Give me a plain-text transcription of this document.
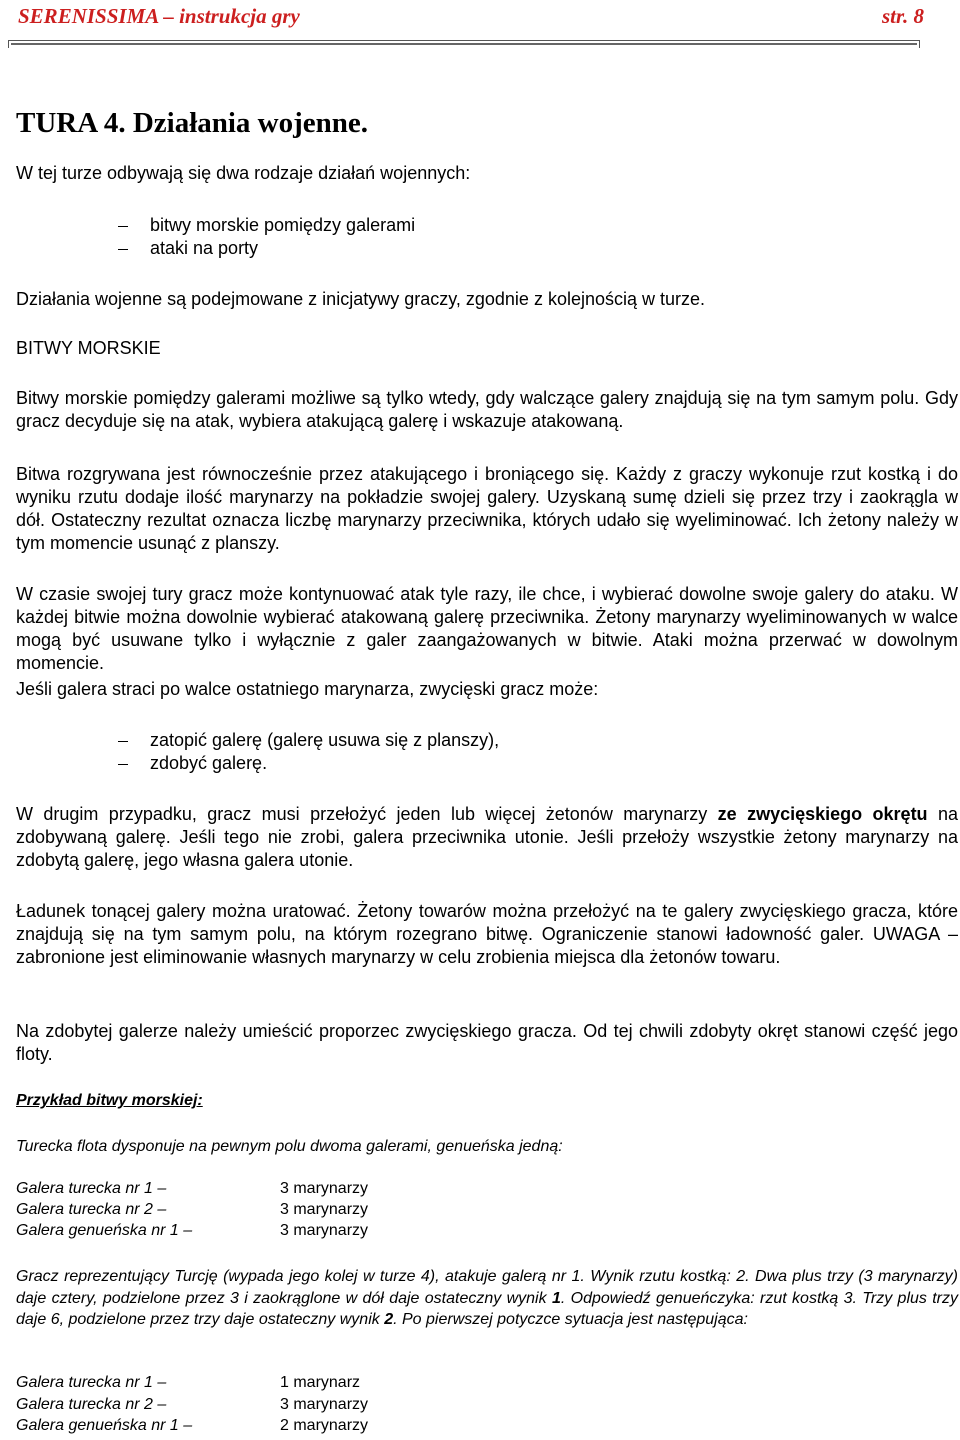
SERENISSIMA – instrukcja gry	str. 8
TURA 4. Działania wojenne.

W tej turze odbywają się dwa rodzaje działań wojennych:

bitwy morskie pomiędzy galerami
ataki na porty

Działania wojenne są podejmowane z inicjatywy graczy, zgodnie z kolejnością w turze.

BITWY MORSKIE

Bitwy morskie pomiędzy galerami możliwe są tylko wtedy, gdy walczące galery znajdują się na tym samym polu. Gdy gracz decyduje się na atak, wybiera atakującą galerę i wskazuje atakowaną.

Bitwa rozgrywana jest równocześnie przez atakującego i broniącego się. Każdy z graczy wykonuje rzut kostką i do wyniku rzutu dodaje ilość marynarzy na pokładzie swojej galery. Uzyskaną sumę dzieli się przez trzy i zaokrągla w dół. Ostateczny rezultat oznacza liczbę marynarzy przeciwnika, których udało się wyeliminować. Ich żetony należy w tym momencie usunąć z planszy.

W czasie swojej tury gracz może kontynuować atak tyle razy, ile chce, i wybierać dowolne swoje galery do ataku. W każdej bitwie można dowolnie wybierać atakowaną galerę przeciwnika. Żetony marynarzy wyeliminowanych w walce mogą być usuwane tylko i wyłącznie z galer zaangażowanych w bitwie. Ataki można przerwać w dowolnym momencie.

Jeśli galera straci po walce ostatniego marynarza, zwycięski gracz może:

zatopić galerę (galerę usuwa się z planszy),
zdobyć galerę.

W drugim przypadku, gracz musi przełożyć jeden lub więcej żetonów marynarzy ze zwycięskiego okrętu na zdobywaną galerę. Jeśli tego nie zrobi, galera przeciwnika utonie. Jeśli przełoży wszystkie żetony marynarzy na zdobytą galerę, jego własna galera utonie.

Ładunek tonącej galery można uratować. Żetony towarów można przełożyć na te galery zwycięskiego gracza, które znajdują się na tym samym polu, na którym rozegrano bitwę. Ograniczenie stanowi ładowność galer. UWAGA – zabronione jest eliminowanie własnych marynarzy w celu zrobienia miejsca dla żetonów towaru.

Na zdobytej galerze należy umieścić proporzec zwycięskiego gracza. Od tej chwili zdobyty okręt stanowi część jego floty.

Przykład bitwy morskiej:
Turecka flota dysponuje na pewnym polu dwoma galerami, genueńska jedną:
Galera turecka nr 1 –	3 marynarzy
Galera turecka nr 2 –	3 marynarzy
Galera genueńska nr 1 –	3 marynarzy

Gracz reprezentujący Turcję (wypada jego kolej w turze 4), atakuje galerą nr 1. Wynik rzutu kostką: 2. Dwa plus trzy (3 marynarzy) daje cztery, podzielone przez 3 i zaokrąglone w dół daje ostateczny wynik 1. Odpowiedź genueńczyka: rzut kostką 3. Trzy plus trzy daje 6, podzielone przez trzy daje ostateczny wynik 2. Po pierwszej potyczce sytuacja jest następująca:

Galera turecka nr 1 –	1 marynarz
Galera turecka nr 2 –	3 marynarzy
Galera genueńska nr 1 –	2 marynarzy
